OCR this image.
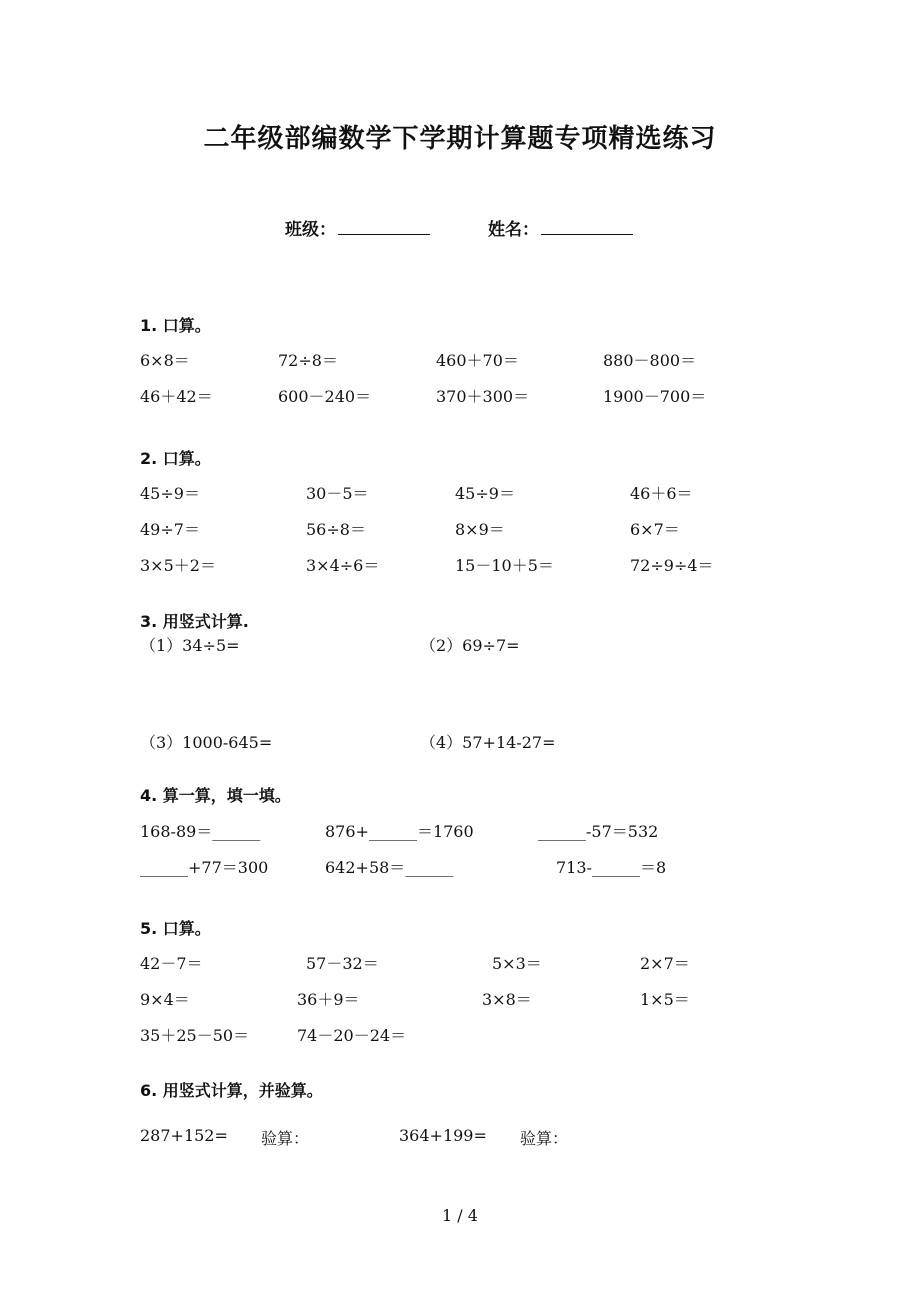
二年级部编数学下学期计算题专项精选练习
班级：	姓名：
1. 口算。
6×8＝	72÷8＝	460＋70＝	880－800＝
46＋42＝	600－240＝	370＋300＝	1900－700＝
2. 口算。
45÷9＝	30－5＝	45÷9＝	46＋6＝
49÷7＝	56÷8＝	8×9＝	6×7＝
3×5＋2＝	3×4÷6＝	15－10＋5＝	72÷9÷4＝
3. 用竖式计算.
（1）34÷5=	（2）69÷7=
（3）1000-645=	（4）57+14-27=
4. 算一算，填一填。
168-89＝______	876+______＝1760	______-57＝532
______+77＝300	642+58＝______	713-______＝8
5. 口算。
42－7＝	57－32＝	5×3＝	2×7＝
9×4＝	36＋9＝	3×8＝	1×5＝
35＋25－50＝	74－20－24＝
6. 用竖式计算，并验算。
287+152= 验算：	364+199= 验算：
1 / 4
